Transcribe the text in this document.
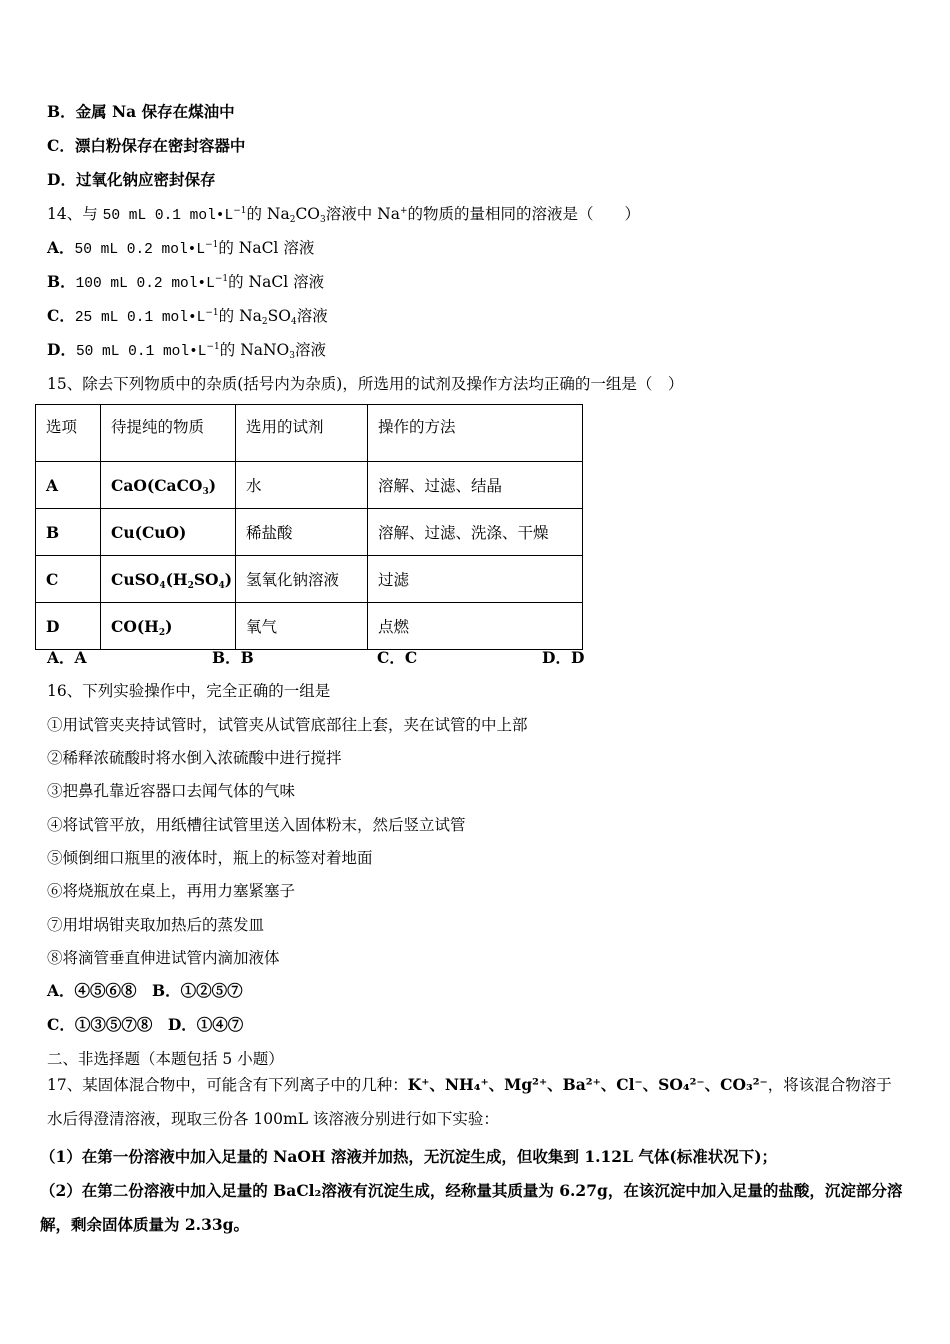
B．金属 Na 保存在煤油中
C．漂白粉保存在密封容器中
D．过氧化钠应密封保存
14、与 50 mL 0.1 $mol•L^{-1}$的 $Na_2CO_3$溶液中 Na+的物质的量相同的溶液是（　　）
A．50 mL 0.2 $mol•L^{-1}$的 NaCl 溶液
B．100 mL 0.2 $mol•L^{-1}$的 NaCl 溶液
C．25 mL 0.1 $mol•L^{-1}$的 $Na_2SO_4$溶液
D．50 mL 0.1 $mol•L^{-1}$的 NaNO$_3$溶液
15、除去下列物质中的杂质(括号内为杂质)，所选用的试剂及操作方法均正确的一组是（　）
选项	待提纯的物质	选用的试剂	操作的方法
A	CaO(CaCO$_3$)	水	溶解、过滤、结晶
B	Cu(CuO)	稀盐酸	溶解、过滤、洗涤、干燥
C	$CuSO_4(H_2SO_4)$	氢氧化钠溶液	过滤
D	$CO(H_2)$	氧气	点燃
A．A	B．B	C．C	D．D
16、下列实验操作中，完全正确的一组是
①用试管夹夹持试管时，试管夹从试管底部往上套，夹在试管的中上部
②稀释浓硫酸时将水倒入浓硫酸中进行搅拌
③把鼻孔靠近容器口去闻气体的气味
④将试管平放，用纸槽往试管里送入固体粉末，然后竖立试管
⑤倾倒细口瓶里的液体时，瓶上的标签对着地面
⑥将烧瓶放在桌上，再用力塞紧塞子
⑦用坩埚钳夹取加热后的蒸发皿
⑧将滴管垂直伸进试管内滴加液体
A．④⑤⑥⑧　B．①②⑤⑦
C．①③⑤⑦⑧　D．①④⑦
二、非选择题（本题包括 5 小题）
17、某固体混合物中，可能含有下列离子中的几种：K⁺、NH₄⁺、Mg²⁺、Ba²⁺、Cl⁻、SO₄²⁻、CO₃²⁻，将该混合物溶于水后得澄清溶液，现取三份各 100mL 该溶液分别进行如下实验：
（1）在第一份溶液中加入足量的 NaOH 溶液并加热，无沉淀生成，但收集到 1.12L 气体(标准状况下)；
（2）在第二份溶液中加入足量的 BaCl₂溶液有沉淀生成，经称量其质量为 6.27g，在该沉淀中加入足量的盐酸，沉淀部分溶解，剩余固体质量为 2.33g。
